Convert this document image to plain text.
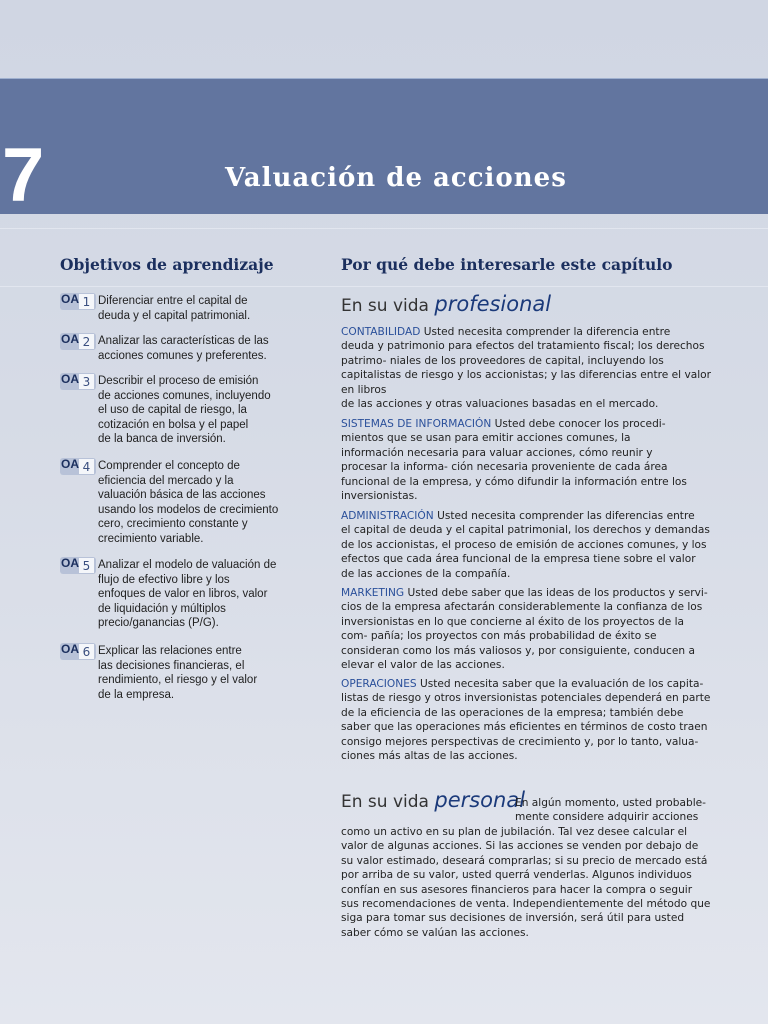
7	Valuación de acciones
Objetivos de aprendizaje	Por qué debe interesarle este capítulo
OA 1 Diferenciar entre el capital de
deuda y el capital patrimonial.
OA 2 Analizar las características de las
acciones comunes y preferentes.
OA 3 Describir el proceso de emisión
de acciones comunes, incluyendo
el uso de capital de riesgo, la
cotización en bolsa y el papel
de la banca de inversión.
OA 4 Comprender el concepto de
eficiencia del mercado y la
valuación básica de las acciones
usando los modelos de crecimiento
cero, crecimiento constante y
crecimiento variable.
OA 5 Analizar el modelo de valuación de
flujo de efectivo libre y los
enfoques de valor en libros, valor
de liquidación y múltiplos
precio/ganancias (P/G).
OA 6 Explicar las relaciones entre
las decisiones financieras, el
rendimiento, el riesgo y el valor
de la empresa.
En su vida profesional
CONTABILIDAD Usted necesita comprender la diferencia entre
deuda y patrimonio para efectos del tratamiento fiscal; los derechos
patrimo- niales de los proveedores de capital, incluyendo los
capitalistas de riesgo y los accionistas; y las diferencias entre el valor
en libros
de las acciones y otras valuaciones basadas en el mercado.
SISTEMAS DE INFORMACIÓN Usted debe conocer los procedi-
mientos que se usan para emitir acciones comunes, la
información necesaria para valuar acciones, cómo reunir y
procesar la informa- ción necesaria proveniente de cada área
funcional de la empresa, y cómo difundir la información entre los
inversionistas.
ADMINISTRACIÓN Usted necesita comprender las diferencias entre
el capital de deuda y el capital patrimonial, los derechos y demandas
de los accionistas, el proceso de emisión de acciones comunes, y los
efectos que cada área funcional de la empresa tiene sobre el valor
de las acciones de la compañía.
MARKETING Usted debe saber que las ideas de los productos y servi-
cios de la empresa afectarán considerablemente la confianza de los
inversionistas en lo que concierne al éxito de los proyectos de la
com- pañía; los proyectos con más probabilidad de éxito se
consideran como los más valiosos y, por consiguiente, conducen a
elevar el valor de las acciones.
OPERACIONES Usted necesita saber que la evaluación de los capita-
listas de riesgo y otros inversionistas potenciales dependerá en parte
de la eficiencia de las operaciones de la empresa; también debe
saber que las operaciones más eficientes en términos de costo traen
consigo mejores perspectivas de crecimiento y, por lo tanto, valua-
ciones más altas de las acciones.
En su vida personal
En algún momento, usted probable-
mente considere adquirir acciones
como un activo en su plan de jubilación. Tal vez desee calcular el
valor de algunas acciones. Si las acciones se venden por debajo de
su valor estimado, deseará comprarlas; si su precio de mercado está
por arriba de su valor, usted querrá venderlas. Algunos individuos
confían en sus asesores financieros para hacer la compra o seguir
sus recomendaciones de venta. Independientemente del método que
siga para tomar sus decisiones de inversión, será útil para usted
saber cómo se valúan las acciones.
